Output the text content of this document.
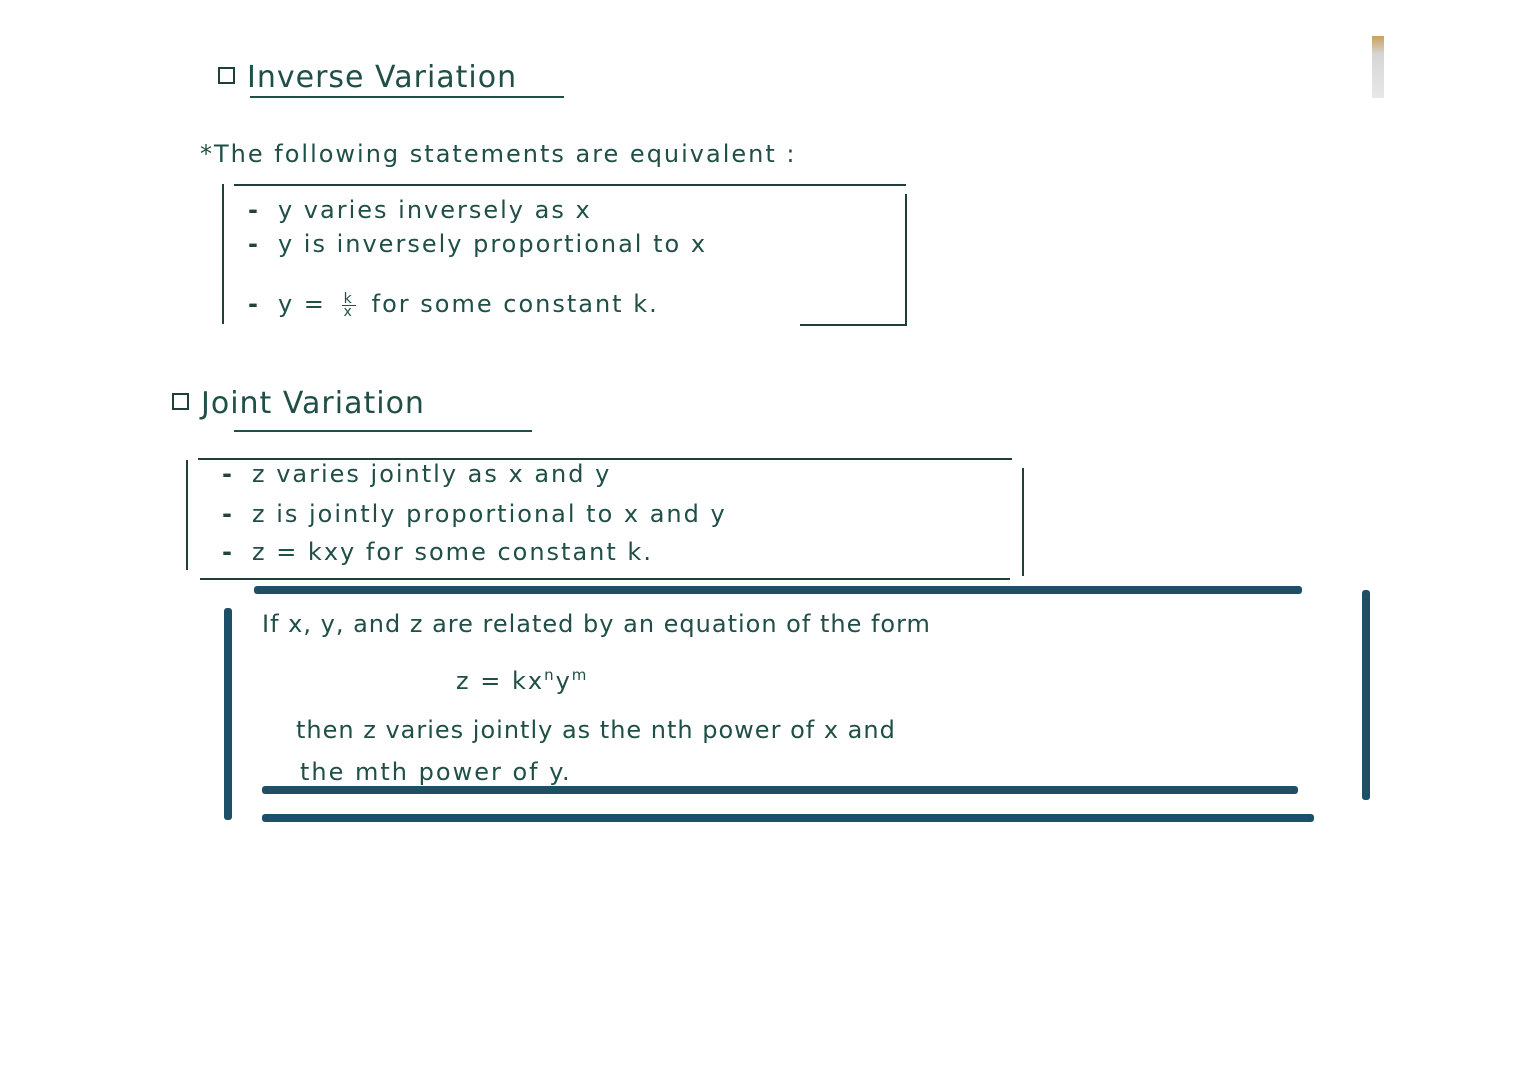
Inverse Variation
*The following statements are equivalent :
- y varies inversely as x
- y is inversely proportional to x
- $y = \frac{k}{x}$ for some constant k.
Joint Variation
- z varies jointly as x and y
- z is jointly proportional to x and y
- z = kxy for some constant k.
If x, y, and z are related by an equation of the form
$z = kx^ny^m$
then z varies jointly as the nth power of x and
the mth power of y.
